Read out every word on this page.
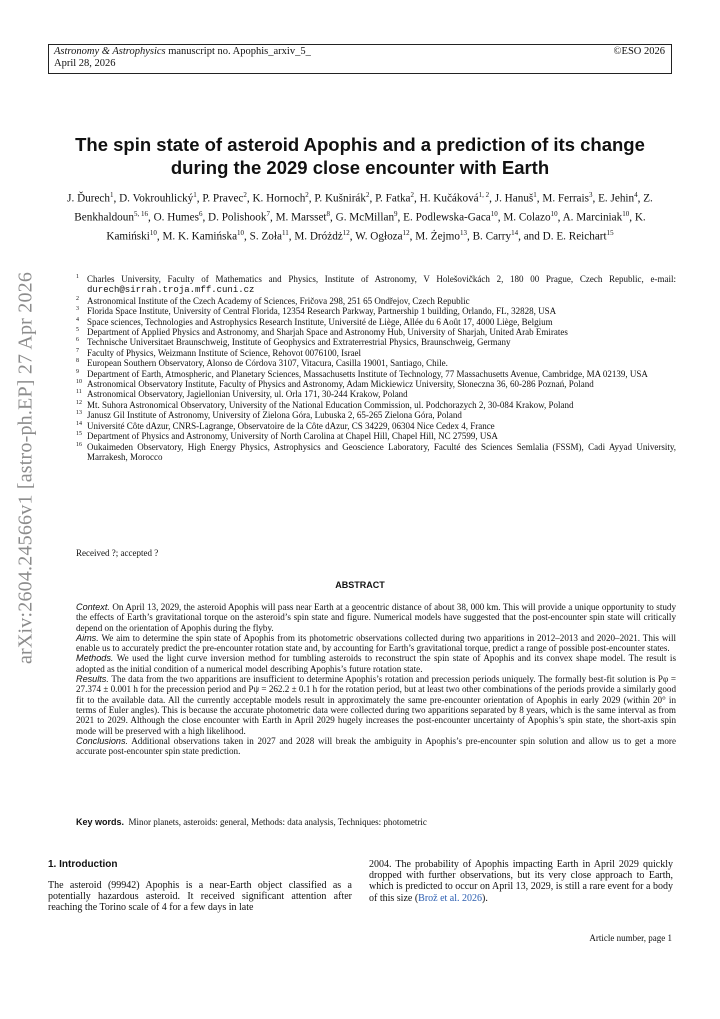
Astronomy & Astrophysics manuscript no. Apophis_arxiv_5_
April 28, 2026
©ESO 2026
arXiv:2604.24566v1 [astro-ph.EP] 27 Apr 2026
The spin state of asteroid Apophis and a prediction of its change during the 2029 close encounter with Earth
J. Ďurech$^1$, D. Vokrouhlický$^1$, P. Pravec$^2$, K. Hornoch$^2$, P. Kušnirák$^2$, P. Fatka$^2$, H. Kučáková$^{1, 2}$, J. Hanuš$^1$, M. Ferrais$^3$, E. Jehin$^4$, Z. Benkhaldoun$^{5, 16}$, O. Humes$^6$, D. Polishook$^7$, M. Marsset$^8$, G. McMillan$^9$, E. Podlewska-Gaca$^{10}$, M. Colazo$^{10}$, A. Marciniak$^{10}$, K. Kamiński$^{10}$, M. K. Kamińska$^{10}$, S. Zoła$^{11}$, M. Dróżdż$^{12}$, W. Ogłoza$^{12}$, M. Żejmo$^{13}$, B. Carry$^{14}$, and D. E. Reichart$^{15}$
1 Charles University, Faculty of Mathematics and Physics, Institute of Astronomy, V Holešovičkách 2, 180 00 Prague, Czech Republic, e-mail: durech@sirrah.troja.mff.cuni.cz
2 Astronomical Institute of the Czech Academy of Sciences, Fričova 298, 251 65 Ondřejov, Czech Republic
3 Florida Space Institute, University of Central Florida, 12354 Research Parkway, Partnership 1 building, Orlando, FL, 32828, USA
4 Space sciences, Technologies and Astrophysics Research Institute, Université de Liège, Allée du 6 Août 17, 4000 Liège, Belgium
5 Department of Applied Physics and Astronomy, and Sharjah Space and Astronomy Hub, University of Sharjah, United Arab Emirates
6 Technische Universitaet Braunschweig, Institute of Geophysics and Extraterrestrial Physics, Braunschweig, Germany
7 Faculty of Physics, Weizmann Institute of Science, Rehovot 0076100, Israel
8 European Southern Observatory, Alonso de Córdova 3107, Vitacura, Casilla 19001, Santiago, Chile.
9 Department of Earth, Atmospheric, and Planetary Sciences, Massachusetts Institute of Technology, 77 Massachusetts Avenue, Cambridge, MA 02139, USA
10 Astronomical Observatory Institute, Faculty of Physics and Astronomy, Adam Mickiewicz University, Słoneczna 36, 60-286 Poznań, Poland
11 Astronomical Observatory, Jagiellonian University, ul. Orla 171, 30-244 Krakow, Poland
12 Mt. Suhora Astronomical Observatory, University of the National Education Commission, ul. Podchorazych 2, 30-084 Krakow, Poland
13 Janusz Gil Institute of Astronomy, University of Zielona Góra, Lubuska 2, 65-265 Zielona Góra, Poland
14 Université Côte dAzur, CNRS-Lagrange, Observatoire de la Côte dAzur, CS 34229, 06304 Nice Cedex 4, France
15 Department of Physics and Astronomy, University of North Carolina at Chapel Hill, Chapel Hill, NC 27599, USA
16 Oukaimeden Observatory, High Energy Physics, Astrophysics and Geoscience Laboratory, Faculté des Sciences Semlalia (FSSM), Cadi Ayyad University, Marrakesh, Morocco
Received ?; accepted ?
ABSTRACT

Context. On April 13, 2029, the asteroid Apophis will pass near Earth at a geocentric distance of about 38, 000 km. This will provide a unique opportunity to study the effects of Earth’s gravitational torque on the asteroid’s spin state and figure. Numerical models have suggested that the post-encounter spin state will critically depend on the orientation of Apophis during the flyby.

Aims. We aim to determine the spin state of Apophis from its photometric observations collected during two apparitions in 2012–2013 and 2020–2021. This will enable us to accurately predict the pre-encounter rotation state and, by accounting for Earth’s gravitational torque, predict a range of possible post-encounter states.

Methods. We used the light curve inversion method for tumbling asteroids to reconstruct the spin state of Apophis and its convex shape model. The result is adopted as the initial condition of a numerical model describing Apophis’s future rotation state.

Results. The data from the two apparitions are insufficient to determine Apophis’s rotation and precession periods uniquely. The formally best-fit solution is Pφ = 27.374 ± 0.001 h for the precession period and Pψ = 262.2 ± 0.1 h for the rotation period, but at least two other combinations of the periods provide a similarly good fit to the available data. All the currently acceptable models result in approximately the same pre-encounter orientation of Apophis in early 2029 (within 20° in terms of Euler angles). This is because the accurate photometric data were collected during two apparitions separated by 8 years, which is the same interval as from 2021 to 2029. Although the close encounter with Earth in April 2029 hugely increases the post-encounter uncertainty of Apophis’s spin state, the short-axis spin mode will be preserved with a high likelihood.

Conclusions. Additional observations taken in 2027 and 2028 will break the ambiguity in Apophis’s pre-encounter spin solution and allow us to get a more accurate post-encounter spin state prediction.

Key words. Minor planets, asteroids: general, Methods: data analysis, Techniques: photometric
1. Introduction
The asteroid (99942) Apophis is a near-Earth object classified as a potentially hazardous asteroid. It received significant attention after reaching the Torino scale of 4 for a few days in late
2004. The probability of Apophis impacting Earth in April 2029 quickly dropped with further observations, but its very close approach to Earth, which is predicted to occur on April 13, 2029, is still a rare event for a body of this size (Brož et al. 2026).
Article number, page 1
